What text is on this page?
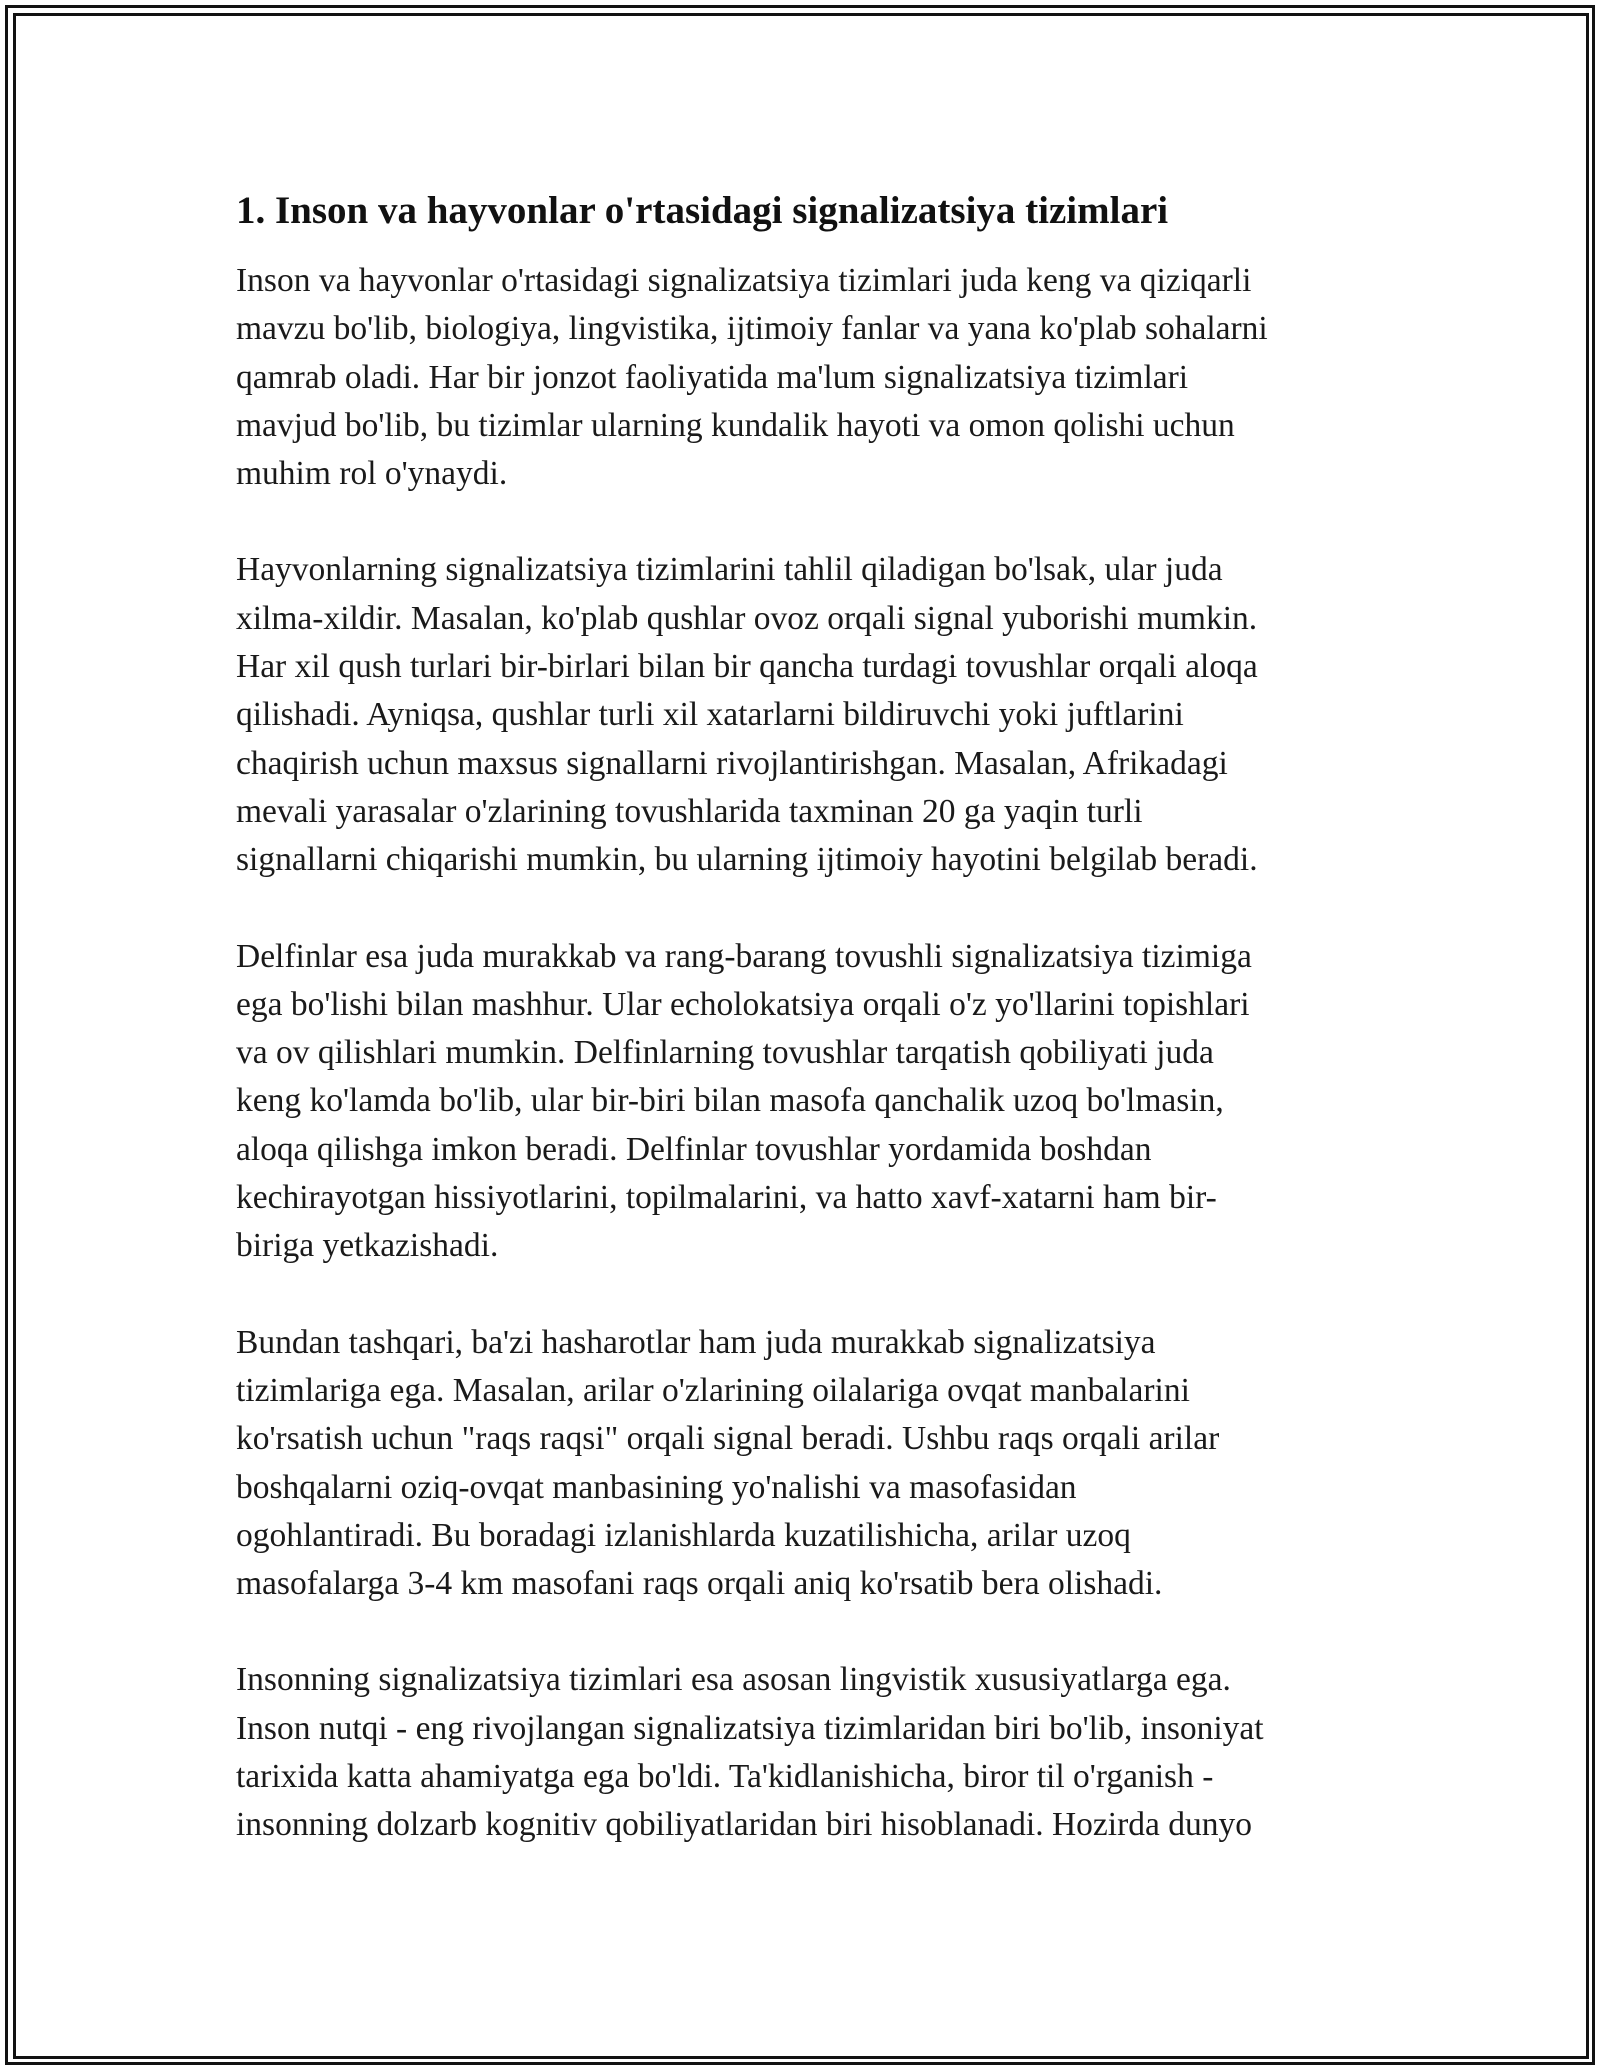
1. Inson va hayvonlar o'rtasidagi signalizatsiya tizimlari
Inson va hayvonlar o'rtasidagi signalizatsiya tizimlari juda keng va qiziqarli
mavzu bo'lib, biologiya, lingvistika, ijtimoiy fanlar va yana ko'plab sohalarni
qamrab oladi. Har bir jonzot faoliyatida ma'lum signalizatsiya tizimlari
mavjud bo'lib, bu tizimlar ularning kundalik hayoti va omon qolishi uchun
muhim rol o'ynaydi.
Hayvonlarning signalizatsiya tizimlarini tahlil qiladigan bo'lsak, ular juda
xilma-xildir. Masalan, ko'plab qushlar ovoz orqali signal yuborishi mumkin.
Har xil qush turlari bir-birlari bilan bir qancha turdagi tovushlar orqali aloqa
qilishadi. Ayniqsa, qushlar turli xil xatarlarni bildiruvchi yoki juftlarini
chaqirish uchun maxsus signallarni rivojlantirishgan. Masalan, Afrikadagi
mevali yarasalar o'zlarining tovushlarida taxminan 20 ga yaqin turli
signallarni chiqarishi mumkin, bu ularning ijtimoiy hayotini belgilab beradi.
Delfinlar esa juda murakkab va rang-barang tovushli signalizatsiya tizimiga
ega bo'lishi bilan mashhur. Ular echolokatsiya orqali o'z yo'llarini topishlari
va ov qilishlari mumkin. Delfinlarning tovushlar tarqatish qobiliyati juda
keng ko'lamda bo'lib, ular bir-biri bilan masofa qanchalik uzoq bo'lmasin,
aloqa qilishga imkon beradi. Delfinlar tovushlar yordamida boshdan
kechirayotgan hissiyotlarini, topilmalarini, va hatto xavf-xatarni ham bir-
biriga yetkazishadi.
Bundan tashqari, ba'zi hasharotlar ham juda murakkab signalizatsiya
tizimlariga ega. Masalan, arilar o'zlarining oilalariga ovqat manbalarini
ko'rsatish uchun "raqs raqsi" orqali signal beradi. Ushbu raqs orqali arilar
boshqalarni oziq-ovqat manbasining yo'nalishi va masofasidan
ogohlantiradi. Bu boradagi izlanishlarda kuzatilishicha, arilar uzoq
masofalarga 3-4 km masofani raqs orqali aniq ko'rsatib bera olishadi.
Insonning signalizatsiya tizimlari esa asosan lingvistik xususiyatlarga ega.
Inson nutqi - eng rivojlangan signalizatsiya tizimlaridan biri bo'lib, insoniyat
tarixida katta ahamiyatga ega bo'ldi. Ta'kidlanishicha, biror til o'rganish -
insonning dolzarb kognitiv qobiliyatlaridan biri hisoblanadi. Hozirda dunyo
